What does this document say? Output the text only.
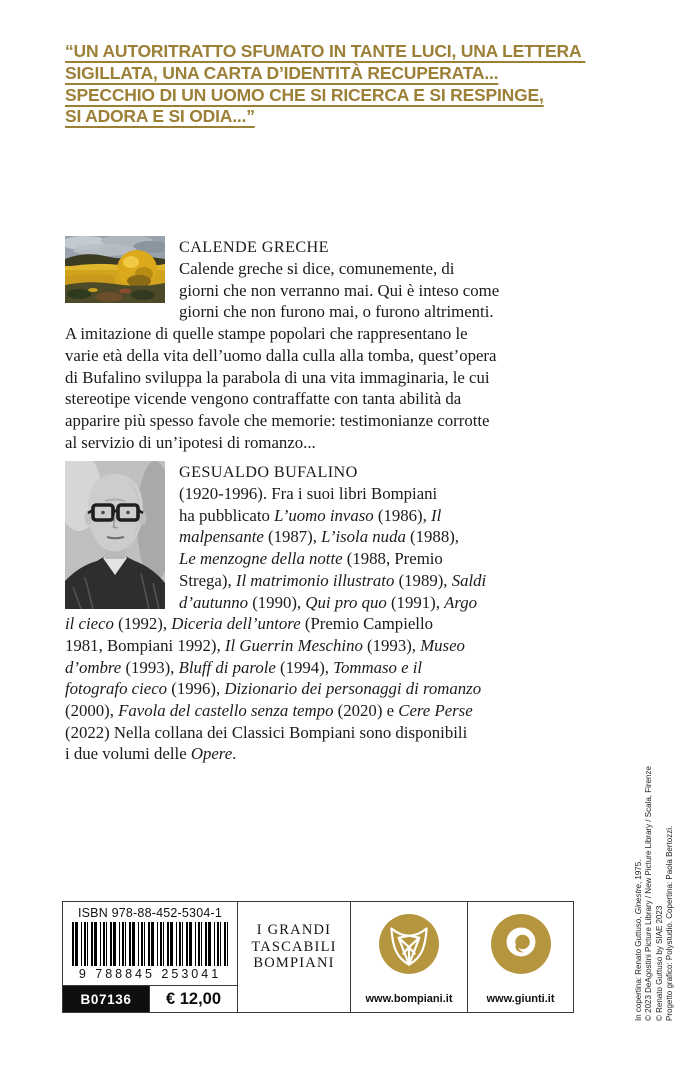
“UN AUTORITRATTO SFUMATO IN TANTE LUCI, UNA LETTERA
SIGILLATA, UNA CARTA D’IDENTITÀ RECUPERATA...
SPECCHIO DI UN UOMO CHE SI RICERCA E SI RESPINGE,
SI ADORA E SI ODIA...”
CALENDE GRECHE
Calende greche si dice, comunemente, di
giorni che non verranno mai. Qui è inteso come
giorni che non furono mai, o furono altrimenti.
A imitazione di quelle stampe popolari che rappresentano le
varie età della vita dell’uomo dalla culla alla tomba, quest’opera
di Bufalino sviluppa la parabola di una vita immaginaria, le cui
stereotipe vicende vengono contraffatte con tanta abilità da
apparire più spesso favole che memorie: testimonianze corrotte
al servizio di un’ipotesi di romanzo...
GESUALDO BUFALINO
(1920-1996). Fra i suoi libri Bompiani
ha pubblicato L’uomo invaso (1986), Il
malpensante (1987), L’isola nuda (1988),
Le menzogne della notte (1988, Premio
Strega), Il matrimonio illustrato (1989), Saldi
d’autunno (1990), Qui pro quo (1991), Argo
il cieco (1992), Diceria dell’untore (Premio Campiello
1981, Bompiani 1992), Il Guerrin Meschino (1993), Museo
d’ombre (1993), Bluff di parole (1994), Tommaso e il
fotografo cieco (1996), Dizionario dei personaggi di romanzo
(2000), Favola del castello senza tempo (2020) e Cere Perse
(2022) Nella collana dei Classici Bompiani sono disponibili
i due volumi delle Opere.
In copertina: Renato Guttuso, Ginestre, 1975. © 2023 DeAgostini Picture Library / New Picture Library / Scala, Firenze © Renato Guttuso by SIAE 2023 Progetto grafico: Polystudio. Copertina: Paola Bertozzi.
ISBN 978-88-452-5304-1
9 788845 253041
B07136	€ 12,00
I GRANDI
TASCABILI
BOMPIANI
www.bompiani.it	www.giunti.it
